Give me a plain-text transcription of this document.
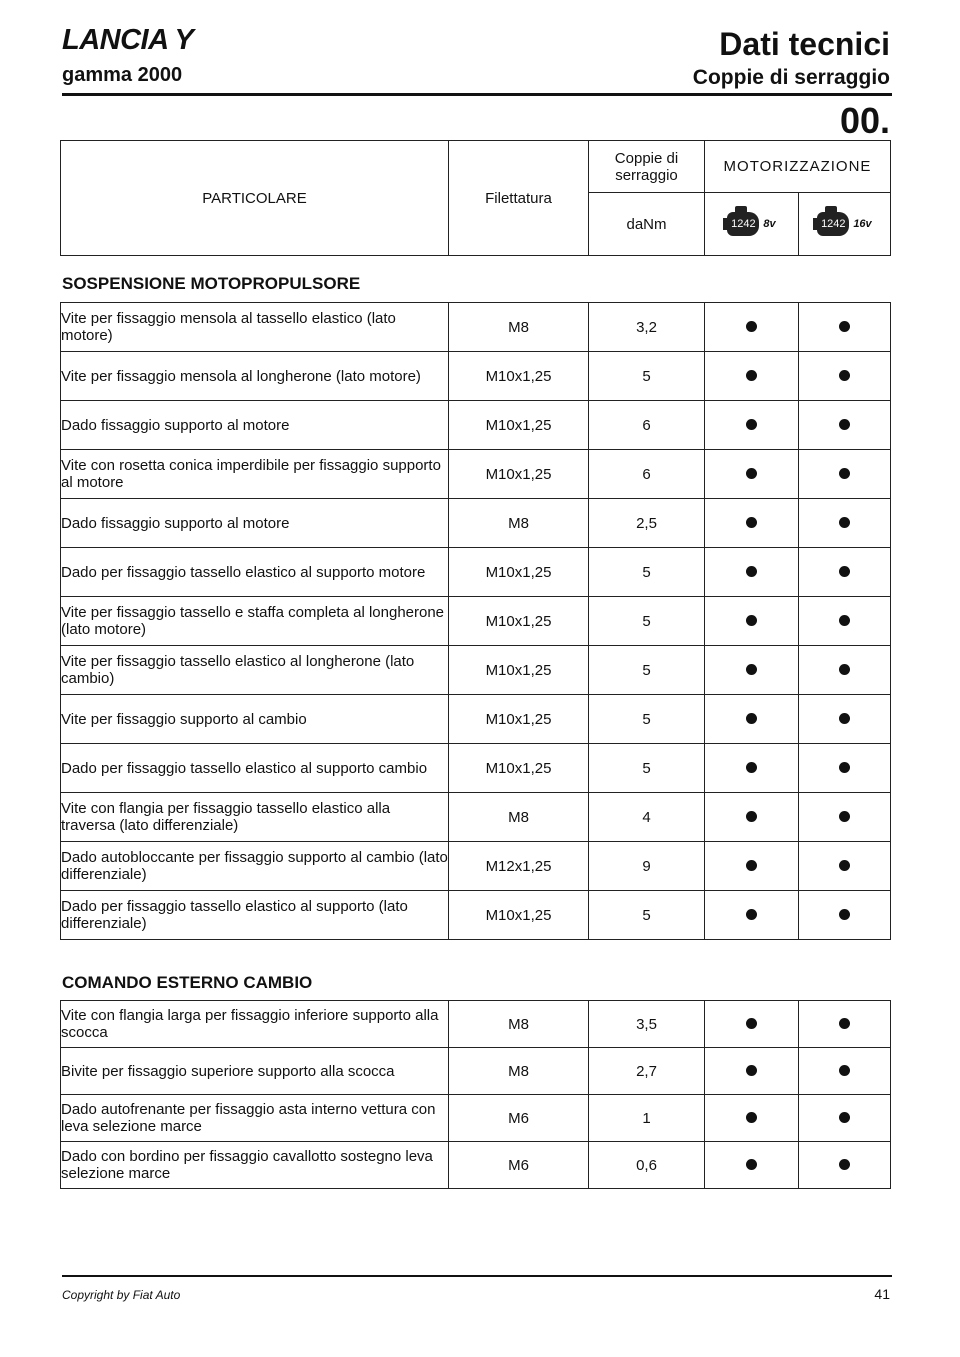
LANCIA Y
gamma 2000
Dati tecnici
Coppie di serraggio
00.
PARTICOLARE	Filettatura	Coppie di serraggio	MOTORIZZAZIONE	
		daNm	1242 8v	1242 16v
SOSPENSIONE MOTOPROPULSORE
Vite per fissaggio mensola al tassello elastico (lato motore)	M8	3,2		
Vite per fissaggio mensola al longherone (lato motore)	M10x1,25	5		
Dado fissaggio supporto al motore	M10x1,25	6		
Vite con rosetta conica imperdibile per fissaggio supporto al motore	M10x1,25	6		
Dado fissaggio supporto al motore	M8	2,5		
Dado per fissaggio tassello elastico al supporto motore	M10x1,25	5		
Vite per fissaggio tassello e staffa completa al longherone (lato motore)	M10x1,25	5		
Vite per fissaggio tassello elastico al longherone (lato cambio)	M10x1,25	5		
Vite per fissaggio supporto al cambio	M10x1,25	5		
Dado per fissaggio tassello elastico al supporto cambio	M10x1,25	5		
Vite con flangia per fissaggio tassello elastico alla traversa (lato differenziale)	M8	4		
Dado autobloccante per fissaggio supporto al cambio (lato differenziale)	M12x1,25	9		
Dado per fissaggio tassello elastico al supporto (lato differenziale)	M10x1,25	5		
COMANDO ESTERNO CAMBIO
Vite con flangia larga per fissaggio inferiore supporto alla scocca	M8	3,5		
Bivite per fissaggio superiore supporto alla scocca	M8	2,7		
Dado autofrenante per fissaggio asta interno vettura con leva selezione marce	M6	1		
Dado con bordino per fissaggio cavallotto sostegno leva selezione marce	M6	0,6		
Copyright by Fiat Auto	41
